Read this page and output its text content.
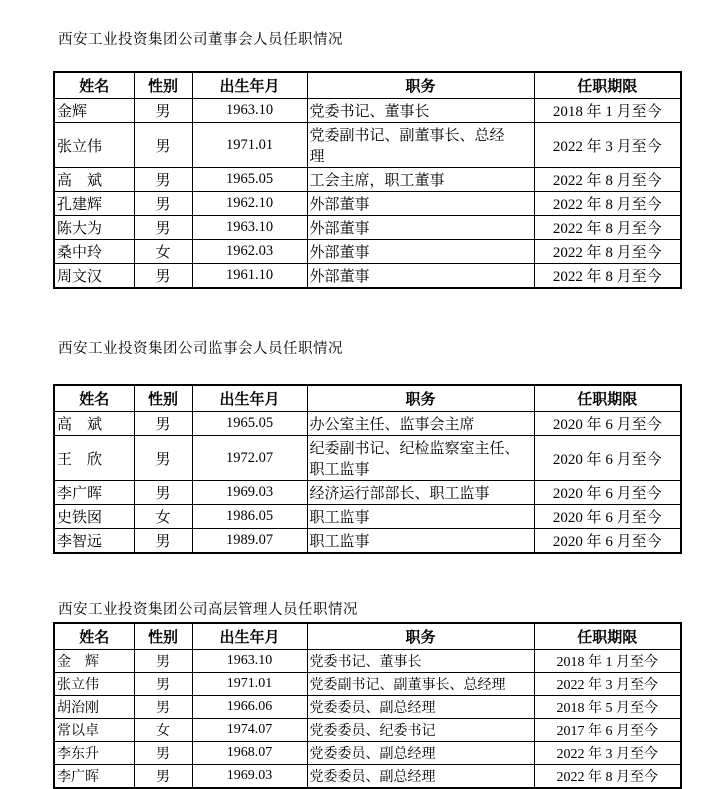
西安工业投资集团公司董事会人员任职情况
姓名	性别	出生年月	职务	任职期限
金辉	男	1963.10	党委书记、董事长	2018 年 1 月至今
张立伟	男	1971.01	党委副书记、副董事长、总经理	2022 年 3 月至今
高　斌	男	1965.05	工会主席，职工董事	2022 年 8 月至今
孔建辉	男	1962.10	外部董事	2022 年 8 月至今
陈大为	男	1963.10	外部董事	2022 年 8 月至今
桑中玲	女	1962.03	外部董事	2022 年 8 月至今
周文汉	男	1961.10	外部董事	2022 年 8 月至今
西安工业投资集团公司监事会人员任职情况
姓名	性别	出生年月	职务	任职期限
高　斌	男	1965.05	办公室主任、监事会主席	2020 年 6 月至今
王　欣	男	1972.07	纪委副书记、纪检监察室主任、职工监事	2020 年 6 月至今
李广晖	男	1969.03	经济运行部部长、职工监事	2020 年 6 月至今
史铁囡	女	1986.05	职工监事	2020 年 6 月至今
李智远	男	1989.07	职工监事	2020 年 6 月至今
西安工业投资集团公司高层管理人员任职情况
姓名	性别	出生年月	职务	任职期限
金　辉	男	1963.10	党委书记、董事长	2018 年 1 月至今
张立伟	男	1971.01	党委副书记、副董事长、总经理	2022 年 3 月至今
胡治刚	男	1966.06	党委委员、副总经理	2018 年 5 月至今
常以卓	女	1974.07	党委委员、纪委书记	2017 年 6 月至今
李东升	男	1968.07	党委委员、副总经理	2022 年 3 月至今
李广晖	男	1969.03	党委委员、副总经理	2022 年 8 月至今
